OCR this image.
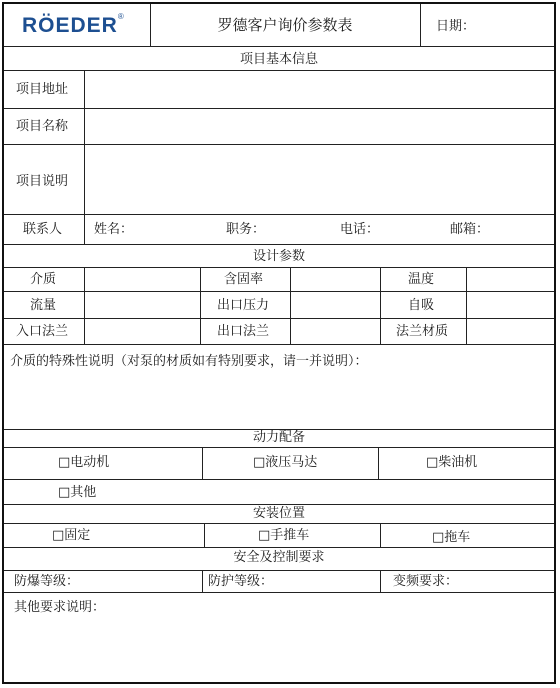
RÖEDER®	罗德客户询价参数表	日期：
项目基本信息
项目地址
项目名称
项目说明
联系人 姓名：	职务：	电话：	邮箱：
设计参数
介质	含固率	温度
流量	出口压力	自吸
入口法兰	出口法兰	法兰材质
介质的特殊性说明（对泵的材质如有特别要求，请一并说明）：
动力配备
□电动机	□液压马达	□柴油机
□其他
安装位置
□固定	□手推车	□拖车
安全及控制要求
防爆等级：	防护等级：	变频要求：
其他要求说明：
